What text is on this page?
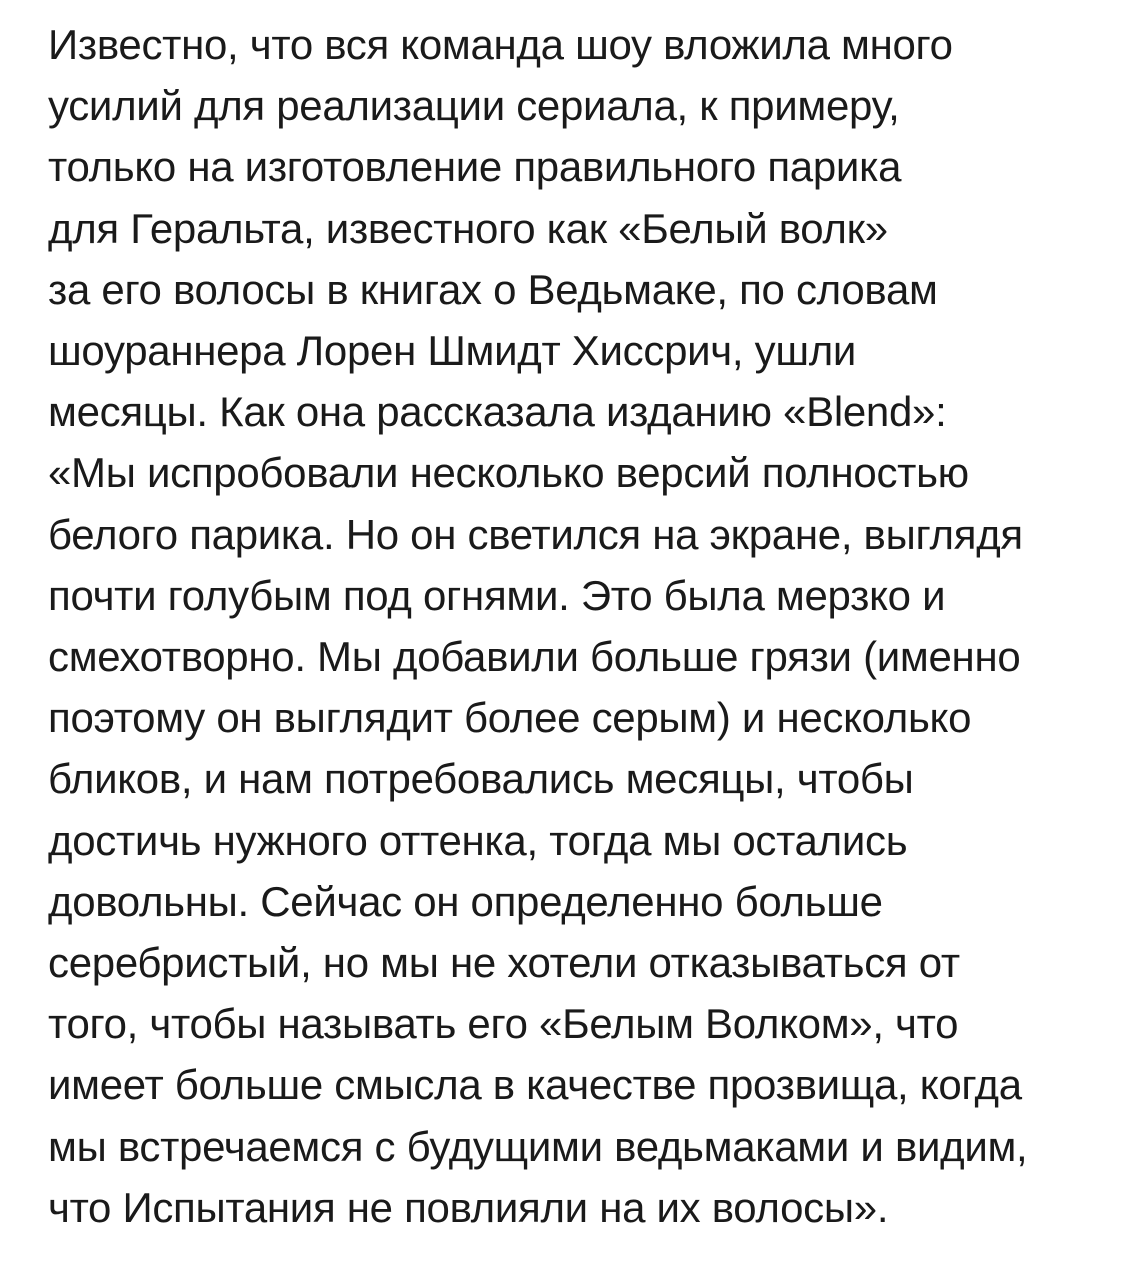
Известно, что вся команда шоу вложила много
усилий для реализации сериала, к примеру,
только на изготовление правильного парика
для Геральта, известного как «Белый волк»
за его волосы в книгах о Ведьмаке, по словам
шоураннера Лорен Шмидт Хиссрич, ушли
месяцы. Как она рассказала изданию «Blend»:
«Мы испробовали несколько версий полностью
белого парика. Но он светился на экране, выглядя
почти голубым под огнями. Это была мерзко и
смехотворно. Мы добавили больше грязи (именно
поэтому он выглядит более серым) и несколько
бликов, и нам потребовались месяцы, чтобы
достичь нужного оттенка, тогда мы остались
довольны. Сейчас он определенно больше
серебристый, но мы не хотели отказываться от
того, чтобы называть его «Белым Волком», что
имеет больше смысла в качестве прозвища, когда
мы встречаемся с будущими ведьмаками и видим,
что Испытания не повлияли на их волосы».
